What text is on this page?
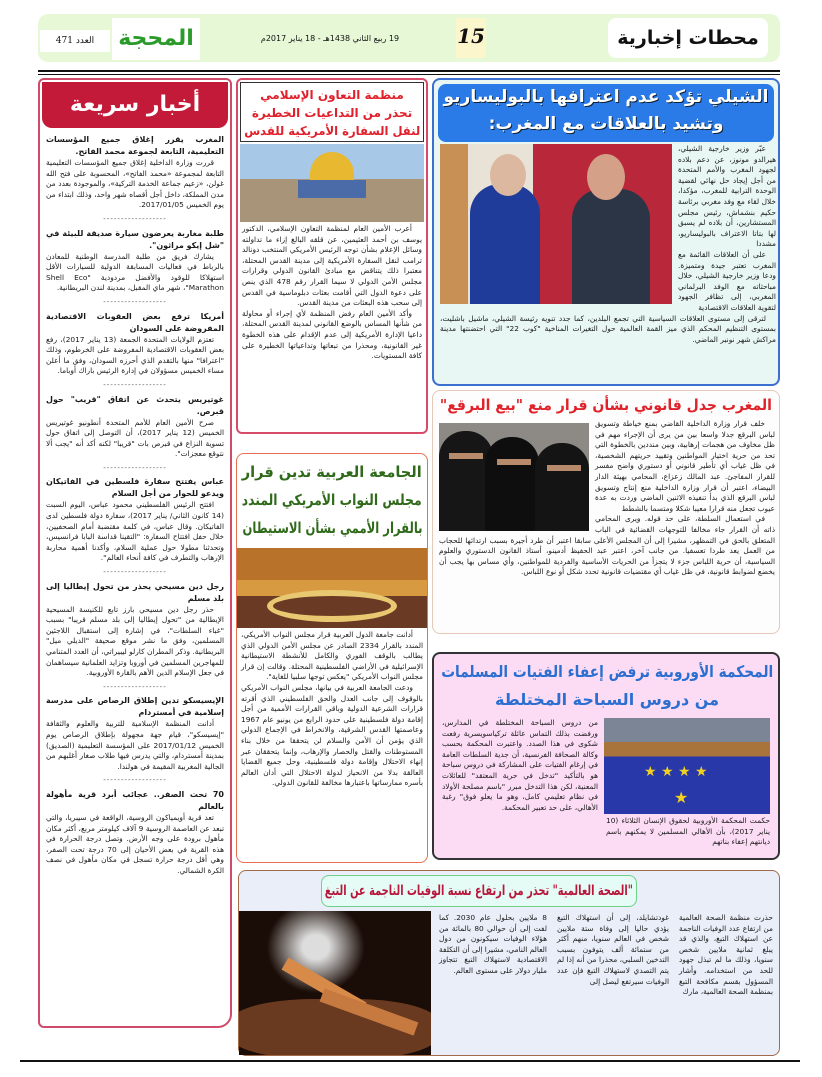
محطات إخبارية
15
19 ربيع الثاني 1438هـ - 18 يناير 2017م
المحجة
العدد 471
الشيلي تؤكد عدم اعترافها بالبوليساريو
وتشيد بالعلاقات مع المغرب:

عبّر وزير خارجية الشيلي، هيرالدو مونوز، عن دعم بلاده لجهود المغرب والأمم المتحدة من أجل إيجاد حل نهائي لقضية الوحدة الترابية للمغرب، مؤكدا، خلال لقاء مع وفد مغربي برئاسة حكيم بنشماش، رئيس مجلس المستشارين، أن بلاده لم يسبق لها بتاتا الاعتراف بالبوليساريو، مشددا

على أن العلاقات القائمة مع المغرب تعتبر جيدة ومتميزة. ودعا وزير خارجية الشيلي، خلال مباحثاته مع الوفد البرلماني المغربي، إلى تظافر الجهود لتقوية العلاقات الاقتصادية

لترقى إلى مستوى العلاقات السياسية التي تجمع البلدين، كما جدد تنويه رئيسة الشيلي، ماشيل باشليت، بمستوى التنظيم المحكم الذي ميز القمة العالمية حول التغيرات المناخية "كوب 22" التي احتضنتها مدينة مراكش شهر نونبر الماضي.

المغرب جدل قانوني بشأن قرار منع "بيع البرقع"

خلف قرار وزارة الداخلية القاضي بمنع خياطة وتسويق لباس البرقع جدلا واسعا بين من يرى أن الإجراء مهم في ظل مخاوف من هجمات إرهابية، وبين منددين بالخطوة التي تحد من حرية اختيار المواطنين وتقييد حريتهم الشخصية، في ظل غياب أي تأطير قانوني أو دستوري واضح مفسر للقرار المفاجئ. عبد المالك زعزاع، المحامي بهيئة الدار البيضاء، اعتبر أن قرار وزارة الداخلية منع إنتاج وتسويق لباس البرقع الذي بدأ تنفيذه الاثنين الماضي وردت به عدة عيوب تجعل منه قرارا معيبا شكلا ومتسما بالشطط

في استعمال السلطة، على حد قوله. ويرى المحامي ذاته أن القرار جاء مخالفا للتوجهات القضائية في الباب المتعلق بالحق في التمظهر، مشيرا إلى أن المجلس الأعلى سابقا اعتبر أن طرد أجيرة بسبب ارتدائها للحجاب من العمل يعد طردا تعسفيا. من جانب آخر، اعتبر عبد الحفيظ أدمينو، أستاذ القانون الدستوري والعلوم السياسية، أن حرية اللباس جزء لا يتجزأ من الحريات الأساسية والفردية للمواطنين، وأي مساس بها يجب أن يخضع لضوابط قانونية، في ظل غياب أي مقتضيات قانونية تحدد شكل أو نوع اللباس.

المحكمة الأوروبية ترفض إعفاء الفتيات المسلمات
من دروس السباحة المختلطة
★ ★ ★ ★
★
حكمت المحكمة الأوروبية لحقوق الإنسان الثلاثاء (10 يناير 2017)، بأن الأهالي المسلمين لا يمكنهم باسم ديانتهم إعفاء بناتهم
من دروس السباحة المختلطة في المدارس، ورفضت بذلك التماس عائلة تركياسويسرية رفعت شكوى في هذا الصدد. واعتبرت المحكمة بحسب وكالة الصحافة الفرنسية، أن جدية السلطات العامة في إرغام الفتيات على المشاركة في دروس سباحة هو بالتأكيد "تدخل في حرية المعتقد" للعائلات المعنية، لكن هذا التدخل مبرر "باسم مصلحة الأولاد في نظام تعليمي كامل، وهو ما يعلو فوق" رغبة الأهالي، على حد تعبير المحكمة.
"الصحة العالمية" تحذر من ارتفاع نسبة الوفيات الناجمة عن التبغ
حذرت منظمة الصحة العالمية من ارتفاع عدد الوفيات الناجمة عن استهلاك التبغ، والذي قد يبلغ ثمانية ملايين شخص سنويا، وذلك ما لم تبذل جهود للحد من استخدامه. وأشار المسؤول بقسم مكافحة التبغ بمنظمة الصحة العالمية، مارك
غودتشايلد، إلى أن استهلاك التبغ يؤدي حاليا إلى وفاة ستة ملايين شخص في العالم سنويا، منهم أكثر من ستمائة ألف يتوفون بسبب التدخين السلبي، محذرا من أنه إذا لم يتم التصدي لاستهلاك التبغ فإن عدد الوفيات سيرتفع ليصل إلى
8 ملايين بحلول عام 2030. كما لفت إلى أن حوالي 80 بالمائة من هؤلاء الوفيات سيكونون من دول العالم النامي، مشيرا إلى أن التكلفة الاقتصادية لاستهلاك التبغ تتجاوز مليار دولار على مستوى العالم.
منظمة التعاون الإسلامي
تحذر من التداعيات الخطيرة
لنقل السفارة الأمريكية للقدس

أعرب الأمين العام لمنظمة التعاون الإسلامي، الدكتور يوسف بن أحمد العثيمين، عن قلقه البالغ إزاء ما تداولته وسائل الإعلام بشأن توجه الرئيس الأمريكي المنتخب دونالد ترامب لنقل السفارة الأمريكية إلى مدينة القدس المحتلة، معتبرا ذلك يتناقض مع مبادئ القانون الدولي وقرارات مجلس الأمن الدولي لا سيما القرار رقم 478 الذي ينص على دعوة الدول التي أقامت بعثات دبلوماسية في القدس إلى سحب هذه البعثات من مدينة القدس.

وأكد الأمين العام رفض المنظمة لأي إجراء أو محاولة من شأنها المساس بالوضع القانوني لمدينة القدس المحتلة، داعيا الإدارة الأمريكية إلى عدم الإقدام على هذه الخطوة غير القانونية، ومحذرا من تبعاتها وتداعياتها الخطيرة على كافة المستويات.

الجامعة العربية تدين قرار
مجلس النواب الأمريكي المندد
بالقرار الأممي بشأن الاستيطان

أدانت جامعة الدول العربية قرار مجلس النواب الأمريكي، المندد بالقرار 2334 الصادر عن مجلس الأمن الدولي الذي يطالب بالوقف الفوري والكامل للأنشطة الاستيطانية الإسرائيلية في الأراضي الفلسطينية المحتلة. وقالت إن قرار مجلس النواب الأمريكي "يعكس توجها سلبيا للغاية".

ودعت الجامعة العربية في بيانها، مجلس النواب الأمريكي بالوقوف إلى جانب العدل والحق الفلسطيني الذي أقرته قرارات الشرعية الدولية وباقي القرارات الأممية من أجل إقامة دولة فلسطينية على حدود الرابع من يونيو عام 1967 وعاصمتها القدس الشرقية، والانخراط في الإجماع الدولي الذي يؤمن أن الأمن والسلام لن يتحققا من خلال بناء المستوطنات والقتل والحصار والإرهاب، وإنما يتحققان عبر إنهاء الاحتلال وإقامة دولة فلسطينية، وحل جميع القضايا العالقة بدلا من الانحياز لدولة الاحتلال التي أدان العالم بأسره ممارساتها باعتبارها مخالفة للقانون الدولي.

أخبار سريعة
المغرب يقرر إغلاق جميع المؤسسات التعليمية، التابعة لجموعة محمد الفاتح.

قررت وزارة الداخلية إغلاق جميع المؤسسات التعليمية التابعة لمجموعة «محمد الفاتح»، المحسوبة على فتح الله غولن، «زعيم جماعة الخدمة التركية»، والموجودة بعدد من مدن المملكة، داخل أجل أقصاه شهر واحد، وذلك ابتداء من يوم الخميس 2017/01/05.

------------------
طلبة مغاربة يعرضون سيارة صديقة للبيئة في "شل إيكو مراثون".

يشارك فريق من طلبة المدرسة الوطنية للمعادن بالرباط في فعاليات المسابقة الدولية للسيارات الأقل استهلاكا للوقود والأفضل مردودية "Shell Eco Marathon"، شهر ماي المقبل، بمدينة لندن البريطانية.

------------------
أمريكا ترفع بعض العقوبات الاقتصادية المفروضة على السودان

تعتزم الولايات المتحدة الجمعة (13 يناير 2017)، رفع بعض العقوبات الاقتصادية المفروضة على الخرطوم، وذلك "اعترافا" منها بالتقدم الذي أحرزه السودان، وفق ما أعلن مساء الخميس مسؤولان في إدارة الرئيس باراك أوباما.

------------------
غوتيريس يتحدث عن اتفاق "قريب" حول قبرص.

صرح الأمين العام للأمم المتحدة أنطونيو غوتيريس الخميس (12 يناير 2017)، أن التوصل إلى اتفاق حول تسوية النزاع في قبرص بات "قريبا" لكنه أكد أنه "يجب ألا نتوقع معجزات".

------------------
عباس يفتتح سفارة فلسطين في الفاتيكان ويدعو للحوار من أجل السلام

افتتح الرئيس الفلسطيني محمود عباس، اليوم السبت (14 كانون الثاني/ يناير 2017)، سفارة دولة فلسطين لدى الفاتيكان. وقال عباس، في كلمة مقتضبة أمام الصحفيين، خلال حفل افتتاح السفارة: "التقينا قداسة البابا فرانسيس، وتحدثنا مطولا حول عملية السلام، وأكدنا أهمية محاربة الإرهاب والتطرف في كافة أنحاء العالم".

------------------
رجل دين مسيحي يحذر من تحول إيطاليا إلى بلد مسلم

حذر رجل دين مسيحي بارز تابع للكنيسة المسيحية الإيطالية من "تحول إيطاليا إلى بلد مسلم قريبا" بسبب "غباء السلطات"، في إشارة إلى استقبال اللاجئين المسلمين، وفق ما نشر موقع صحيفة "الديلي ميل" البريطانية. وذكر المطران كارلو ليبيراتي، أن العدد المتنامي للمهاجرين المسلمين في أوروبا وتزايد العلمانية سيساهمان في جعل الإسلام الدين الأهم بالقارة الأوروبية.

------------------
الإيسيسكو تدين إطلاق الرصاص على مدرسة إسلامية في أمستردام

أدانت المنظمة الإسلامية للتربية والعلوم والثقافة "إيسيسكو"، قيام جهة مجهولة بإطلاق الرصاص يوم الخميس 2017/01/12 على المؤسسة التعليمية (الصديق) بمدينة أمستردام، والتي يدرس فيها طلاب صغار أغلبهم من الجالية المغربية المقيمة في هولندا.

------------------
70 تحت الصفر.. عجائب أبرد قرية مأهولة بالعالم

تعد قرية أويمياكون الروسية، الواقعة في سيبريا، والتي تبعد عن العاصمة الروسية 9 آلاف كيلومتر مربع، أكثر مكان مأهول برودة على وجه الأرض. وتصل درجة الحرارة في هذه القرية في بعض الأحيان إلى 70 درجة تحت الصفر، وهي أقل درجة حرارة تسجل في مكان مأهول في نصف الكرة الشمالي.
